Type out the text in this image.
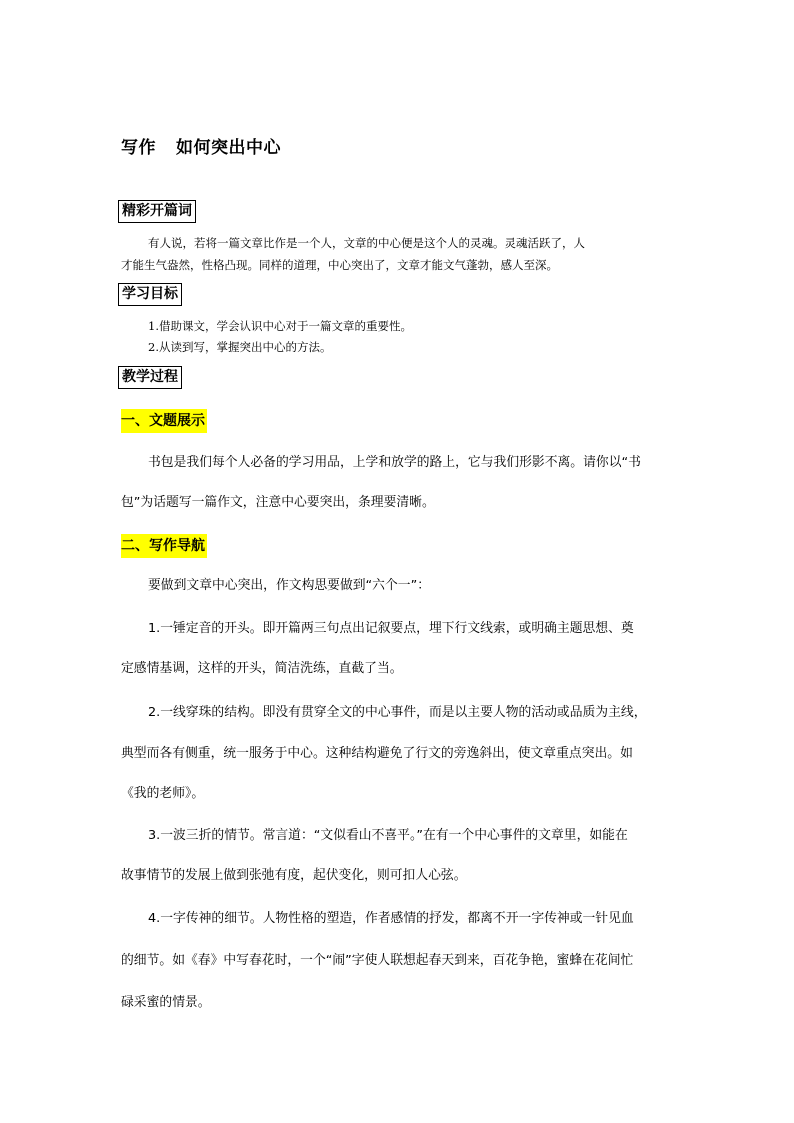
写作 如何突出中心
精彩开篇词
有人说，若将一篇文章比作是一个人，文章的中心便是这个人的灵魂。灵魂活跃了，人
才能生气盎然，性格凸现。同样的道理，中心突出了，文章才能文气蓬勃，感人至深。
学习目标
1.借助课文，学会认识中心对于一篇文章的重要性。
2.从读到写，掌握突出中心的方法。
教学过程
一、文题展示
书包是我们每个人必备的学习用品，上学和放学的路上，它与我们形影不离。请你以“书
包”为话题写一篇作文，注意中心要突出，条理要清晰。
二、写作导航
要做到文章中心突出，作文构思要做到“六个一”：
1.一锤定音的开头。即开篇两三句点出记叙要点，埋下行文线索，或明确主题思想、奠
定感情基调，这样的开头，简洁洗练，直截了当。
2.一线穿珠的结构。即没有贯穿全文的中心事件，而是以主要人物的活动或品质为主线，
典型而各有侧重，统一服务于中心。这种结构避免了行文的旁逸斜出，使文章重点突出。如
《我的老师》。
3.一波三折的情节。常言道：“文似看山不喜平。”在有一个中心事件的文章里，如能在
故事情节的发展上做到张弛有度，起伏变化，则可扣人心弦。
4.一字传神的细节。人物性格的塑造，作者感情的抒发，都离不开一字传神或一针见血
的细节。如《春》中写春花时，一个“闹”字使人联想起春天到来，百花争艳，蜜蜂在花间忙
碌采蜜的情景。
